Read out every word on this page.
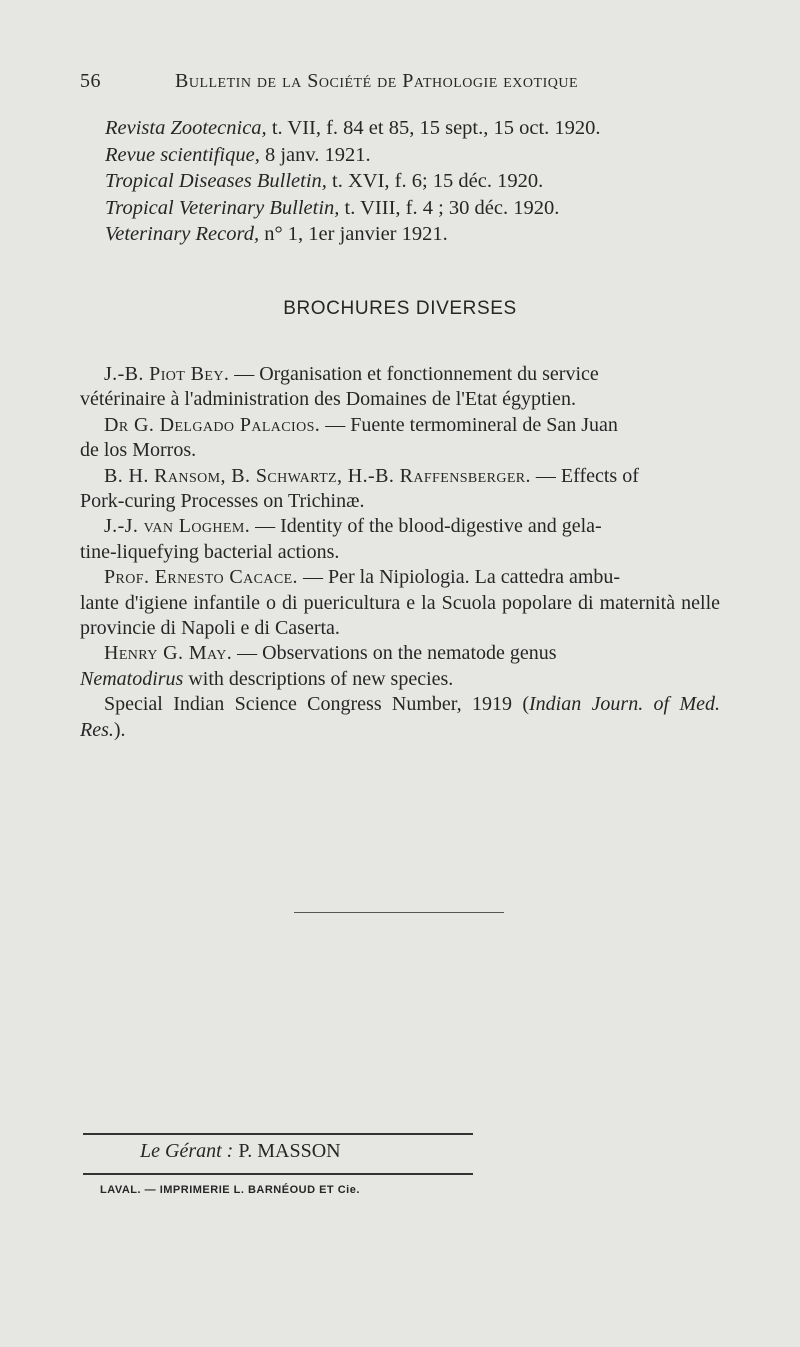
56	Bulletin de la Société de Pathologie exotique
Revista Zootecnica, t. VII, f. 84 et 85, 15 sept., 15 oct. 1920.
Revue scientifique, 8 janv. 1921.
Tropical Diseases Bulletin, t. XVI, f. 6; 15 déc. 1920.
Tropical Veterinary Bulletin, t. VIII, f. 4 ; 30 déc. 1920.
Veterinary Record, n° 1, 1er janvier 1921.
BROCHURES DIVERSES
J.-B. Piot Bey. — Organisation et fonctionnement du service
vétérinaire à l'administration des Domaines de l'Etat égyptien.
Dr G. Delgado Palacios. — Fuente termomineral de San Juan
de los Morros.
B. H. Ransom, B. Schwartz, H.-B. Raffensberger. — Effects of
Pork-curing Processes on Trichinæ.
J.-J. van Loghem. — Identity of the blood-digestive and gela-
tine-liquefying bacterial actions.
Prof. Ernesto Cacace. — Per la Nipiologia. La cattedra ambu-
lante d'igiene infantile o di puericultura e la Scuola popolare di maternità nelle provincie di Napoli e di Caserta.
Henry G. May. — Observations on the nematode genus
Nematodirus with descriptions of new species.
Special Indian Science Congress Number, 1919 (Indian Journ. of Med. Res.).
Le Gérant : P. MASSON
LAVAL. — IMPRIMERIE L. BARNÉOUD ET Cie.
